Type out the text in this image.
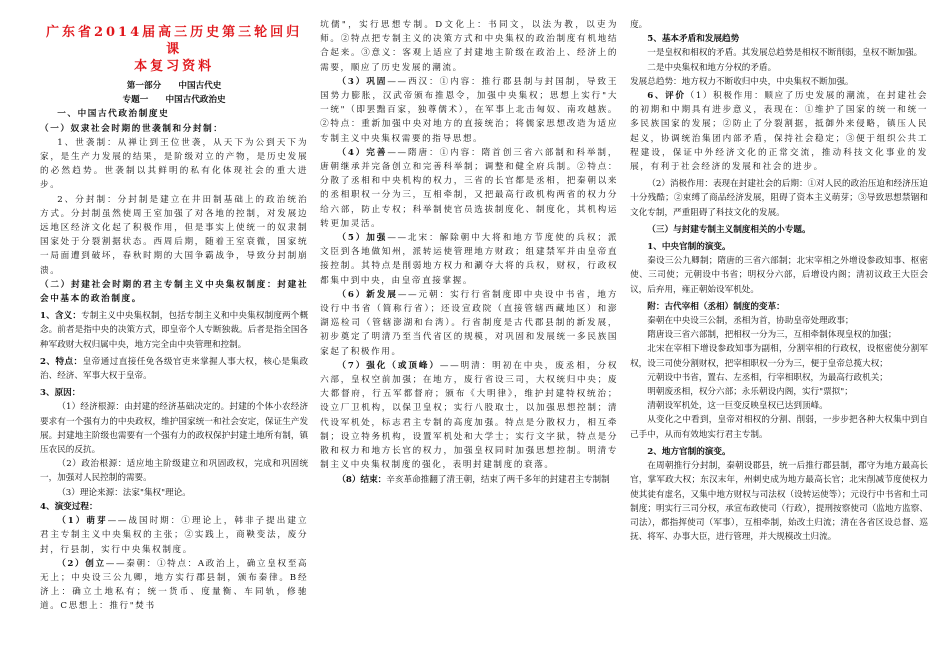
广东省2014届高三历史第三轮回归课
本复习资料
第一部分　　中国古代史
专题一　　中国古代政治史

一、中国古代政治制度史

（一）奴隶社会时期的世袭制和分封制：

1、世袭制：从禅让到王位世袭，从天下为公到天下为家，是生产力发展的结果，是阶级对立的产物，是历史发展的必然趋势。世袭制以其鲜明的私有化体现社会的重大进步。

2、分封制：分封制是建立在井田制基础上的政治统治方式。分封制虽然使周王室加强了对各地的控制，对发展边远地区经济文化起了积极作用，但是事实上使统一的奴隶制国家处于分裂割据状态。西周后期，随着王室衰微，国家统一局面遭到破坏，春秋时期的大国争霸战争，导致分封制崩溃。

（二）封建社会时期的君主专制主义中央集权制度：封建社会中基本的政治制度。

1、含义：专制主义中央集权制，包括专制主义和中央集权制度两个概念。前者是指中央的决策方式，即皇帝个人专断独裁。后者是指全国各种军政财大权归属中央，地方完全由中央管理和控制。

2、特点：皇帝通过直接任免各级官吏来掌握人事大权，核心是集政治、经济、军事大权于皇帝。

3、原因：

（1）经济根源：由封建的经济基础决定的。封建的个体小农经济要求有一个强有力的中央政权，维护国家统一和社会安定，保证生产发展。封建地主阶级也需要有一个强有力的政权保护封建土地所有制，镇压农民的反抗。

（2）政治根源：适应地主阶级建立和巩固政权，完成和巩固统一，加强对人民控制的需要。

（3）理论来源：法家"集权"理论。

4、演变过程：

（1）萌芽——战国时期：①理论上，韩非子提出建立君主专制主义中央集权的主张；②实践上，商鞅变法，废分封，行县制，实行中央集权制度。

（2）创立——秦朝：①特点：A政治上，确立皇权至高无上；中央设三公九卿，地方实行郡县制，颁布秦律。B经济上：确立土地私有；统一货币、度量衡、车同轨，修驰道。C思想上：推行"焚书

坑儒"，实行思想专制。D文化上：书同文，以法为教，以吏为师。②特点把专制主义的决策方式和中央集权的政治制度有机地结合起来。③意义：客观上适应了封建地主阶级在政治上、经济上的需要，顺应了历史发展的潮流。

（3）巩固——西汉：①内容：推行郡县制与封国制，导致王国势力膨胀，汉武帝颁布推恩令，加强中央集权；思想上实行"大一统"（即罢黜百家，独尊儒术），在军事上北击匈奴、南攻越族。②特点：重新加强中央对地方的直接统治；将儒家思想改造为适应专制主义中央集权需要的指导思想。

（4）完善——隋唐：①内容：隋首创三省六部制和科举制，唐朝继承并完备创立和完善科举制；调整和健全府兵制。②特点：分散了丞相和中央机构的权力，三省的长官都是丞相，把秦朝以来的丞相职权一分为三，互相牵制，又把最高行政机构两省的权力分给六部，防止专权；科举制使官员选拔制度化、制度化，其机构运转更加灵活。

（5）加强——北宋：解除朝中大将和地方节度使的兵权；派文臣到各地做知州，派转运使管理地方财政；组建禁军并由皇帝直接控制。其特点是削弱地方权力和涮夺大将的兵权，财权，行政权都集中到中央，由皇帝直接掌握。

（6）新发展——元朝：实行行省制度即中央设中书省，地方设行中书省（简称行省）；还设宣政院（直接管辖西藏地区）和澎湖巡检司（管辖澎湖和台湾）。行省制度是古代郡县制的新发展，初步奠定了明清乃至当代省区的规模，对巩固和发展统一多民族国家起了积极作用。

（7）强化（或顶峰）——明清：明初在中央，废丞相，分权六部，皇权空前加强；在地方，废行省设三司，大权统归中央；废大都督府，行五军都督府；颁布《大明律》，维护封建特权统治；设立厂卫机构，以保卫皇权；实行八股取士，以加强思想控制；清代设军机处，标志君主专制的高度加强。特点是分散权力，相互牵制；设立特务机构，设置军机处和大学士；实行文字狱，特点是分散和权力和地方长官的权力，加强皇权同时加强思想控制。明清专制主义中央集权制度的强化，表明封建制度的衰落。

（8）结束：辛亥革命推翻了清王朝，结束了两千多年的封建君主专制制

度。

5、基本矛盾和发展趋势

一是皇权和相权的矛盾。其发展总趋势是相权不断削弱，皇权不断加强。

二是中央集权和地方分权的矛盾。

发展总趋势：地方权力不断收归中央，中央集权不断加强。

6、评价（1）积极作用：顺应了历史发展的潮流，在封建社会的初期和中期具有进步意义，表现在：①维护了国家的统一和统一多民族国家的发展；②防止了分裂割据，抵御外来侵略，镇压人民起义，协调统治集团内部矛盾，保持社会稳定；③便于组织公共工程建设，保证中外经济文化的正常交流，推动科技文化事业的发展，有利于社会经济的发展和社会的进步。

（2）消极作用：表现在封建社会的后期：①对人民的政治压迫和经济压迫十分残酷；②束缚了商品经济发展，阻碍了资本主义萌芽；③导致思想禁锢和文化专制，严重阻碍了科技文化的发展。

（三）与封建专制主义制度相关的小专题。

1、中央官制的演变。

秦设三公九卿制；隋唐的三省六部制；北宋宰相之外增设参政知事、枢密使、三司使；元朝设中书省；明权分六部，后增设内阁；清初议政王大臣会议，后弃用，雍正朝始设军机处。

附：古代宰相（丞相）制度的变革：

秦朝在中央设三公制，丞相为首，协助皇帝处理政事；

隋唐设三省六部制，把相权一分为三，互相牵制体现皇权的加强；

北宋在宰相下增设参政知事为副相，分割宰相的行政权，设枢密使分割军权，设三司使分割财权，把宰相职权一分为三，便于皇帝总揽大权；

元朝设中书省，置右、左丞相，行宰相职权，为最高行政机关；

明朝废丞相，权分六部；永乐朝设内阁，实行"票拟"；

清朝设军机处，这一巨变反映皇权已达到顶峰。

从变化之中看到，皇帝对相权的分割、削弱，一步步把各种大权集中到自己手中，从而有效地实行君主专制。

2、地方官制的演变。

在周朝推行分封制，秦朝设郡县，统一后推行郡县制，郡守为地方最高长官，掌军政大权；东汉末年，州刺史成为地方最高长官；北宋削减节度使权力使其徒有虚名，又集中地方财权与司法权（设转运使等）；元设行中书省和土司制度；明实行三司分权，承宣布政使司（行政），提刑按察使司（监地方监察、司法），都指挥使司（军事），互相牵制，始改土归流；清在各省区设总督、巡抚、将军、办事大臣，进行管理，并大规模改土归流。
